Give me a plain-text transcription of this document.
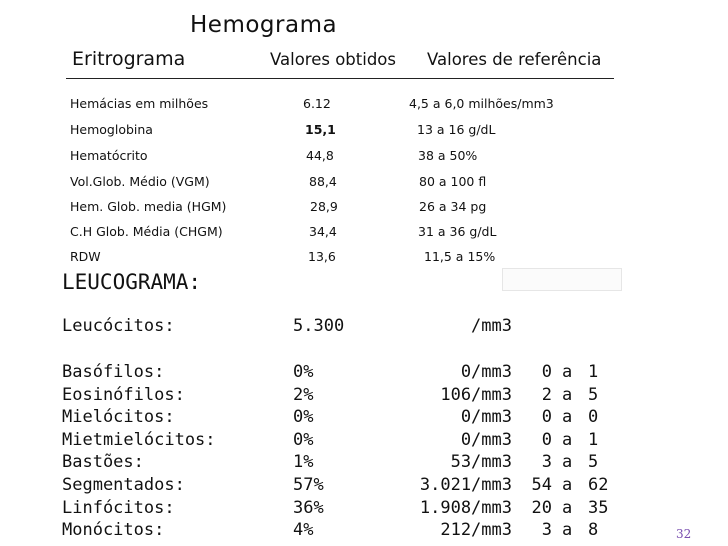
Hemograma
Eritrograma	Valores obtidos Valores de referência
Hemácias em milhões	6.12	4,5 a 6,0 milhões/mm3
Hemoglobina	15,1	13 a 16 g/dL
Hematócrito	44,8	38 a 50%
Vol.Glob. Médio (VGM)	88,4	80 a 100 fl
Hem. Glob. media (HGM)	28,9	26 a 34 pg
C.H Glob. Média (CHGM)	34,4	31 a 36 g/dL
RDW	13,6	11,5 a 15%
LEUCOGRAMA:
Leucócitos:	5.300	/mm3
Basófilos:	0%	0/mm3	0 a 1
Eosinófilos:	2%	106/mm3	2 a 5
Mielócitos:	0%	0/mm3	0 a 0
Mietmielócitos:	0%	0/mm3	0 a 1
Bastões:	1%	53/mm3	3 a 5
Segmentados:	57%	3.021/mm3	54 a 62
Linfócitos:	36%	1.908/mm3	20 a 35
Monócitos:	4%	212/mm3	3 a 8	32
